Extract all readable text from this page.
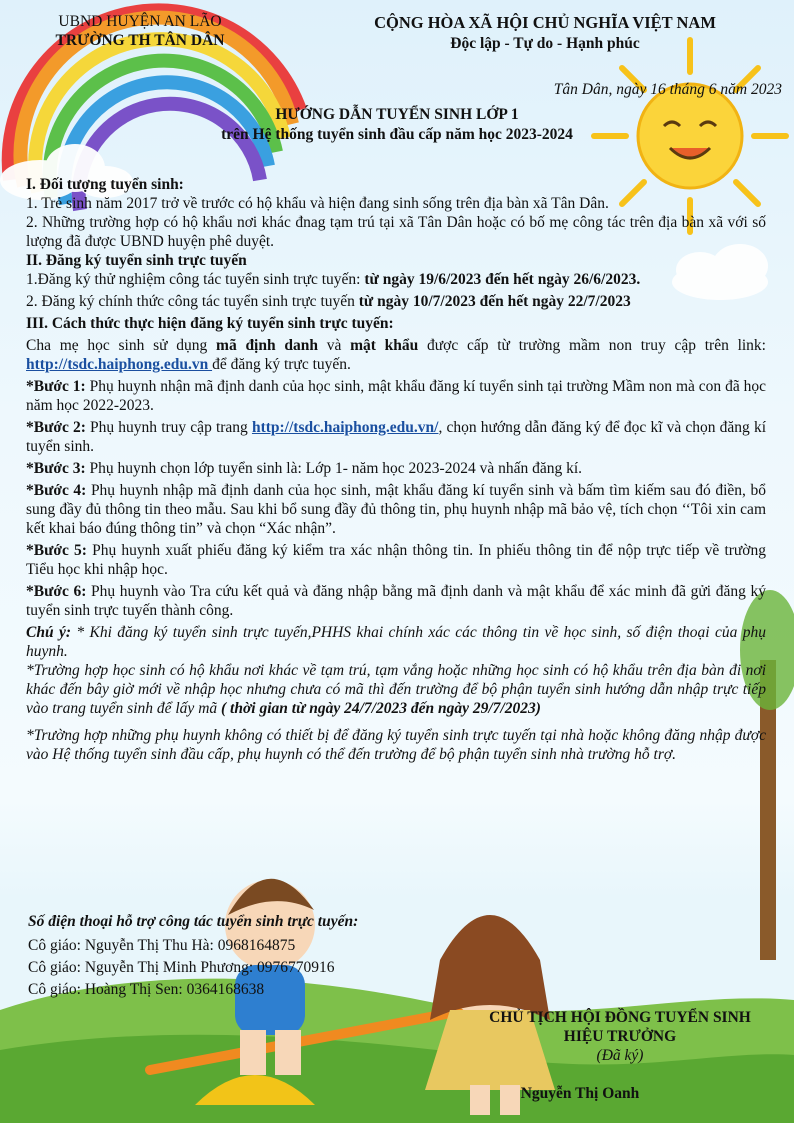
UBND HUYỆN AN LÃO
TRƯỜNG TH TÂN DÂN
CỘNG HÒA XÃ HỘI CHỦ NGHĨA VIỆT NAM
Độc lập - Tự do - Hạnh phúc
Tân Dân, ngày 16 tháng 6 năm 2023
HƯỚNG DẪN TUYỂN SINH LỚP 1
trên Hệ thống tuyển sinh đầu cấp năm học 2023-2024

I. Đối tượng tuyển sinh:

1. Trẻ sinh năm 2017 trở về trước có hộ khẩu và hiện đang sinh sống trên địa bàn xã Tân Dân.

2. Những trường hợp có hộ khẩu nơi khác đnag tạm trú tại xã Tân Dân hoặc có bố mẹ công tác trên địa bàn xã với số lượng đã được UBND huyện phê duyệt.

II. Đăng ký tuyển sinh trực tuyến

1.Đăng ký thử nghiệm công tác tuyển sinh trực tuyến: từ ngày 19/6/2023 đến hết ngày 26/6/2023.

2. Đăng ký chính thức công tác tuyển sinh trực tuyến từ ngày 10/7/2023 đến hết ngày 22/7/2023

III. Cách thức thực hiện đăng ký tuyển sinh trực tuyến:

Cha mẹ học sinh sử dụng mã định danh và mật khẩu được cấp từ trường mầm non truy cập trên link: http://tsdc.haiphong.edu.vn để đăng ký trực tuyến.

*Bước 1: Phụ huynh nhận mã định danh của học sinh, mật khẩu đăng kí tuyển sinh tại trường Mầm non mà con đã học năm học 2022-2023.

*Bước 2: Phụ huynh truy cập trang http://tsdc.haiphong.edu.vn/, chọn hướng dẫn đăng ký để đọc kĩ và chọn đăng kí tuyển sinh.

*Bước 3: Phụ huynh chọn lớp tuyển sinh là: Lớp 1- năm học 2023-2024 và nhấn đăng kí.

*Bước 4: Phụ huynh nhập mã định danh của học sinh, mật khẩu đăng kí tuyển sinh và bấm tìm kiếm sau đó điền, bổ sung đầy đủ thông tin theo mẫu. Sau khi bổ sung đầy đủ thông tin, phụ huynh nhập mã bảo vệ, tích chọn ‘‘Tôi xin cam kết khai báo đúng thông tin” và chọn “Xác nhận”.

*Bước 5: Phụ huynh xuất phiếu đăng ký kiểm tra xác nhận thông tin. In phiếu thông tin để nộp trực tiếp về trường Tiểu học khi nhập học.

*Bước 6: Phụ huynh vào Tra cứu kết quả và đăng nhập bằng mã định danh và mật khẩu để xác minh đã gửi đăng ký tuyển sinh trực tuyến thành công.

Chú ý: * Khi đăng ký tuyển sinh trực tuyến,PHHS khai chính xác các thông tin về học sinh, số điện thoại của phụ huynh.

*Trường hợp học sinh có hộ khẩu nơi khác về tạm trú, tạm vắng hoặc những học sinh có hộ khẩu trên địa bàn đi nơi khác đến bây giờ mới về nhập học nhưng chưa có mã thì đến trường để bộ phận tuyển sinh hướng dẫn nhập trực tiếp vào trang tuyển sinh để lấy mã ( thời gian từ ngày 24/7/2023 đến ngày 29/7/2023)

*Trường hợp những phụ huynh không có thiết bị để đăng ký tuyển sinh trực tuyến tại nhà hoặc không đăng nhập được vào Hệ thống tuyển sinh đầu cấp, phụ huynh có thể đến trường để bộ phận tuyển sinh nhà trường hỗ trợ.

Số điện thoại hỗ trợ công tác tuyển sinh trực tuyến:
Cô giáo: Nguyễn Thị Thu Hà: 0968164875
Cô giáo: Nguyễn Thị Minh Phương: 0976770916
Cô giáo: Hoàng Thị Sen: 0364168638
CHỦ TỊCH HỘI ĐỒNG TUYỂN SINH
HIỆU TRƯỞNG
(Đã ký)
Nguyễn Thị Oanh
